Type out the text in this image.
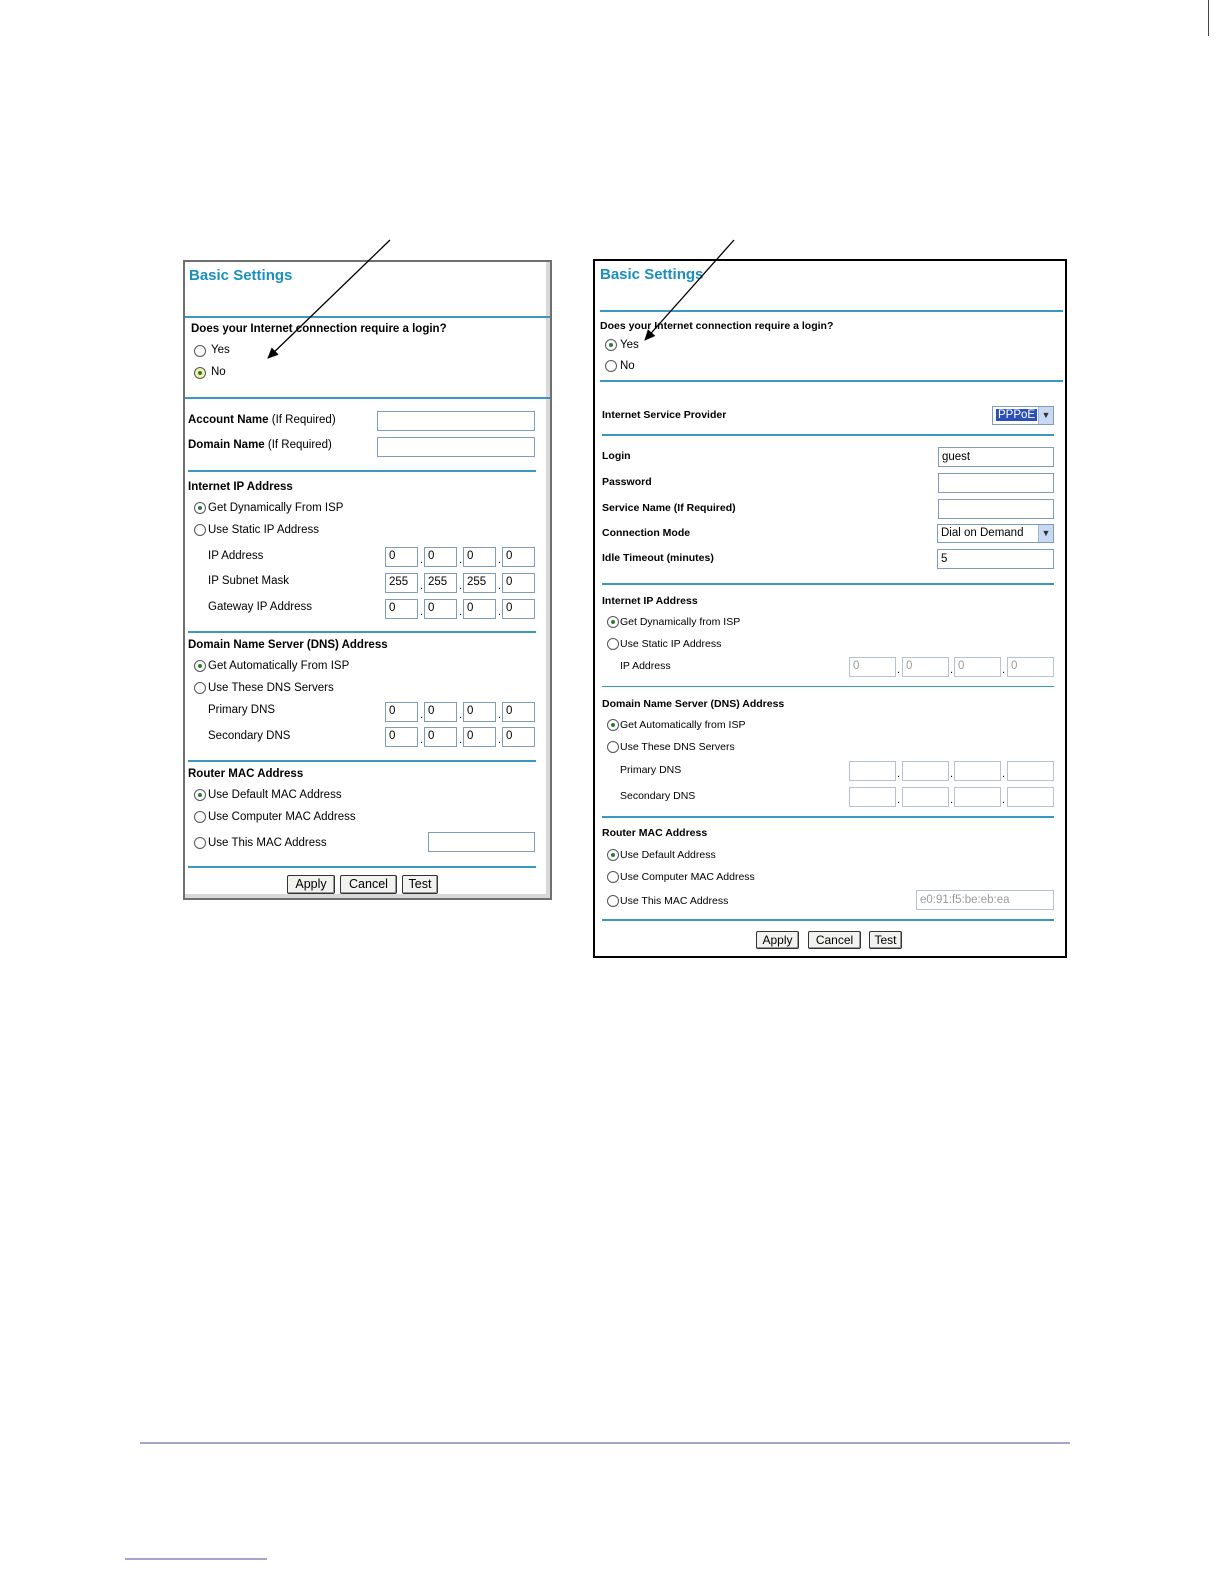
Basic Settings
Does your Internet connection require a login?
Yes
No
Account Name (If Required)
Domain Name (If Required)
Internet IP Address
Get Dynamically From ISP
Use Static IP Address
IP Address	0	. 0	. 0	. 0
IP Subnet Mask	255	. 255	. 255	. 0
Gateway IP Address	0	. 0	. 0	. 0
Domain Name Server (DNS) Address
Get Automatically From ISP
Use These DNS Servers
Primary DNS	0	. 0	. 0	. 0
Secondary DNS	0	. 0	. 0	. 0
Router MAC Address
Use Default MAC Address
Use Computer MAC Address
Use This MAC Address
Apply	Cancel	Test
Basic Settings
Does your Internet connection require a login?
Yes
No
Internet Service Provider	PPPoE ▼
Login	guest
Password
Service Name (If Required)
Connection Mode	Dial on Demand	▼
Idle Timeout (minutes)	5
Internet IP Address
Get Dynamically from ISP
Use Static IP Address
IP Address	0	. 0	. 0	. 0
Domain Name Server (DNS) Address
Get Automatically from ISP
Use These DNS Servers
Primary DNS	.	.	.
Secondary DNS	.	.	.
Router MAC Address
Use Default Address
Use Computer MAC Address
Use This MAC Address	e0:91:f5:be:eb:ea
Apply	Cancel	Test
